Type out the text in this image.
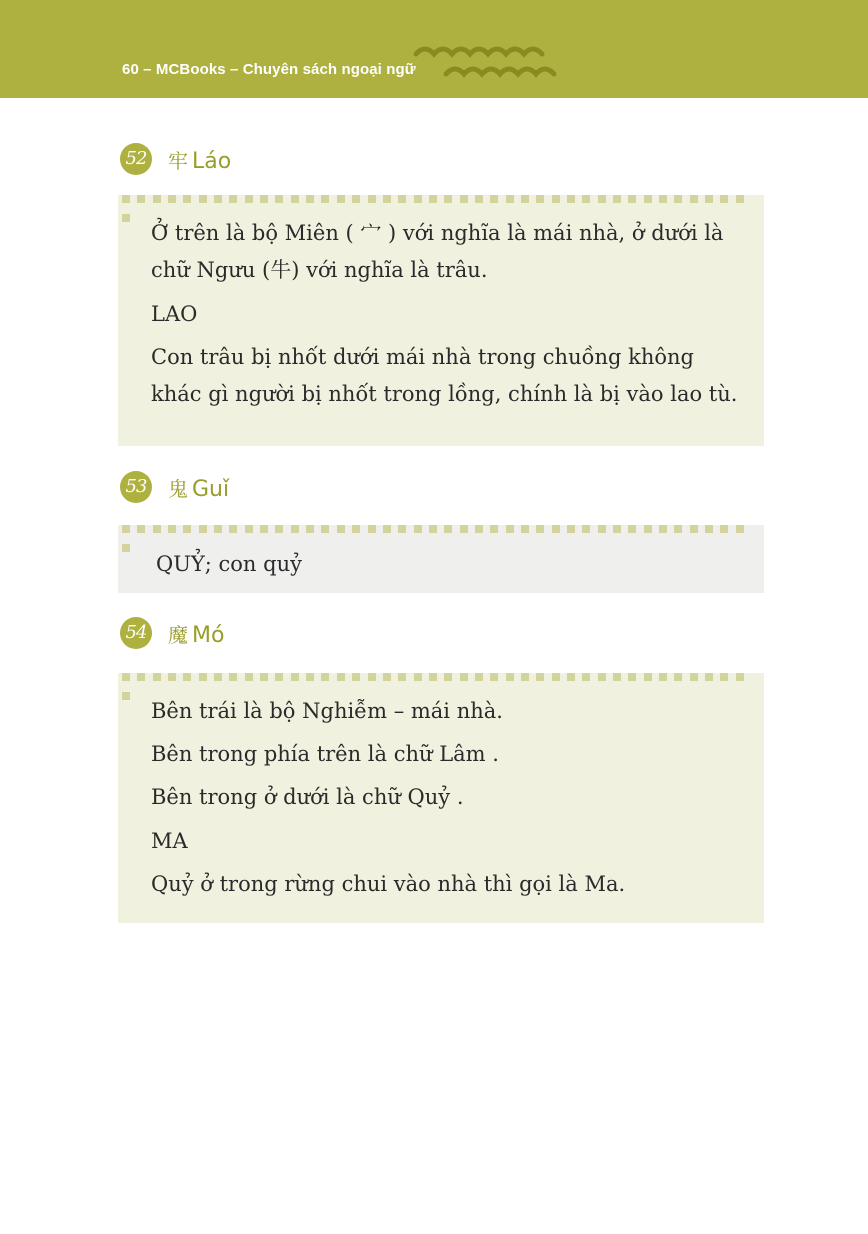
60 – MCBooks – Chuyên sách ngoại ngữ
52 牢 Láo
Ở trên là bộ Miên ( 宀 ) với nghĩa là mái nhà, ở dưới là chữ Ngưu (牛) với nghĩa là trâu.
LAO
Con trâu bị nhốt dưới mái nhà trong chuồng không khác gì người bị nhốt trong lồng, chính là bị vào lao tù.
53 鬼 Guǐ
QUỶ; con quỷ
54 魔 Mó
Bên trái là bộ Nghiễm – mái nhà.
Bên trong phía trên là chữ Lâm .
Bên trong ở dưới là chữ Quỷ .
MA
Quỷ ở trong rừng chui vào nhà thì gọi là Ma.
